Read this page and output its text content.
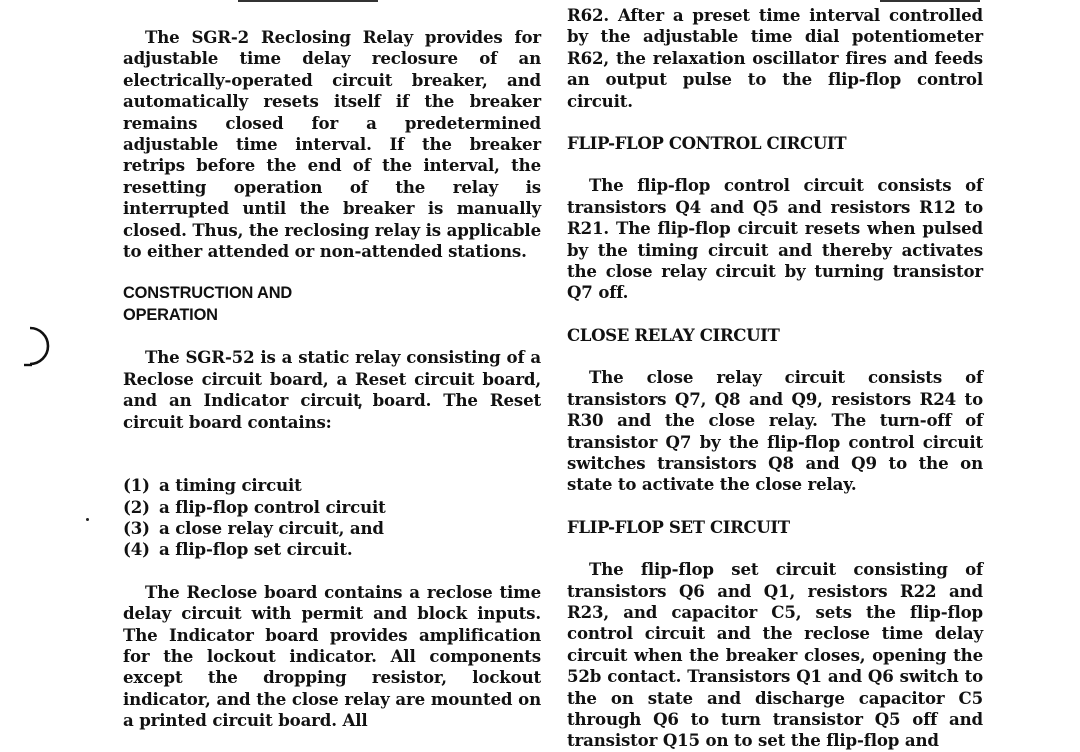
The SGR-2 Reclosing Relay provides for adjustable time delay reclosure of an electrically-operated circuit breaker, and automatically resets itself if the breaker remains closed for a predetermined adjustable time interval. If the breaker retrips before the end of the interval, the resetting operation of the relay is interrupted until the breaker is manually closed. Thus, the reclosing relay is applicable to either attended or non-attended stations.

CONSTRUCTION AND

OPERATION

The SGR-52 is a static relay consisting of a Reclose circuit board, a Reset circuit board, and an Indicator circuit board. The Reset circuit board contains:

(1) a timing circuit
(2) a flip-flop control circuit
(3) a close relay circuit, and
(4) a flip-flop set circuit.

The Reclose board contains a reclose time delay circuit with permit and block inputs. The Indicator board provides amplification for the lockout indicator. All components except the dropping resistor, lockout indicator, and the close relay are mounted on a printed circuit board. All

R62. After a preset time interval controlled by the adjustable time dial potentiometer R62, the relaxation oscillator fires and feeds an output pulse to the flip-flop control circuit.

FLIP-FLOP CONTROL CIRCUIT

The flip-flop control circuit consists of transistors Q4 and Q5 and resistors R12 to R21. The flip-flop circuit resets when pulsed by the timing circuit and thereby activates the close relay circuit by turning transistor Q7 off.

CLOSE RELAY CIRCUIT

The close relay circuit consists of transistors Q7, Q8 and Q9, resistors R24 to R30 and the close relay. The turn-off of transistor Q7 by the flip-flop control circuit switches transistors Q8 and Q9 to the on state to activate the close relay.

FLIP-FLOP SET CIRCUIT

The flip-flop set circuit consisting of transistors Q6 and Q1, resistors R22 and R23, and capacitor C5, sets the flip-flop control circuit and the reclose time delay circuit when the breaker closes, opening the 52b contact. Transistors Q1 and Q6 switch to the on state and discharge capacitor C5 through Q6 to turn transistor Q5 off and transistor Q15 on to set the flip-flop and
